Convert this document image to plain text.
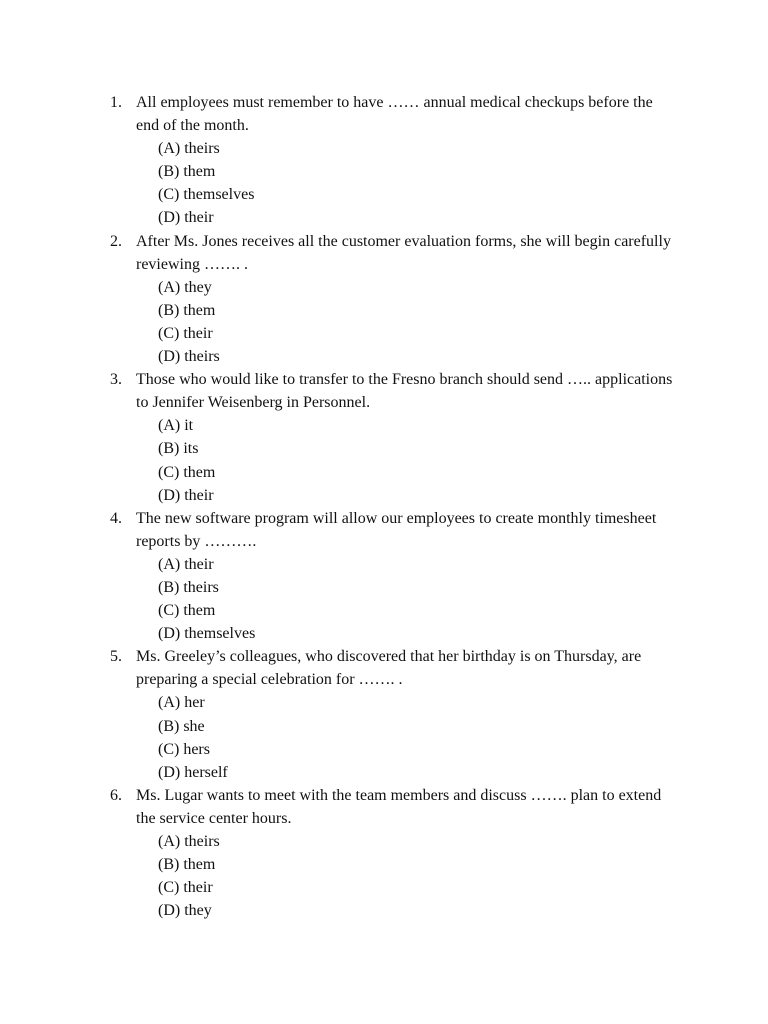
1. All employees must remember to have …… annual medical checkups before the end of the month.

(A) theirs
(B) them
(C) themselves
(D) their

2. After Ms. Jones receives all the customer evaluation forms, she will begin carefully reviewing ……. .

(A) they
(B) them
(C) their
(D) theirs

3. Those who would like to transfer to the Fresno branch should send ….. applications to Jennifer Weisenberg in Personnel.

(A) it
(B) its
(C) them
(D) their

4. The new software program will allow our employees to create monthly timesheet reports by ……….

(A) their
(B) theirs
(C) them
(D) themselves

5. Ms. Greeley’s colleagues, who discovered that her birthday is on Thursday, are preparing a special celebration for ……. .

(A) her
(B) she
(C) hers
(D) herself

6. Ms. Lugar wants to meet with the team members and discuss ……. plan to extend the service center hours.

(A) theirs
(B) them
(C) their
(D) they
